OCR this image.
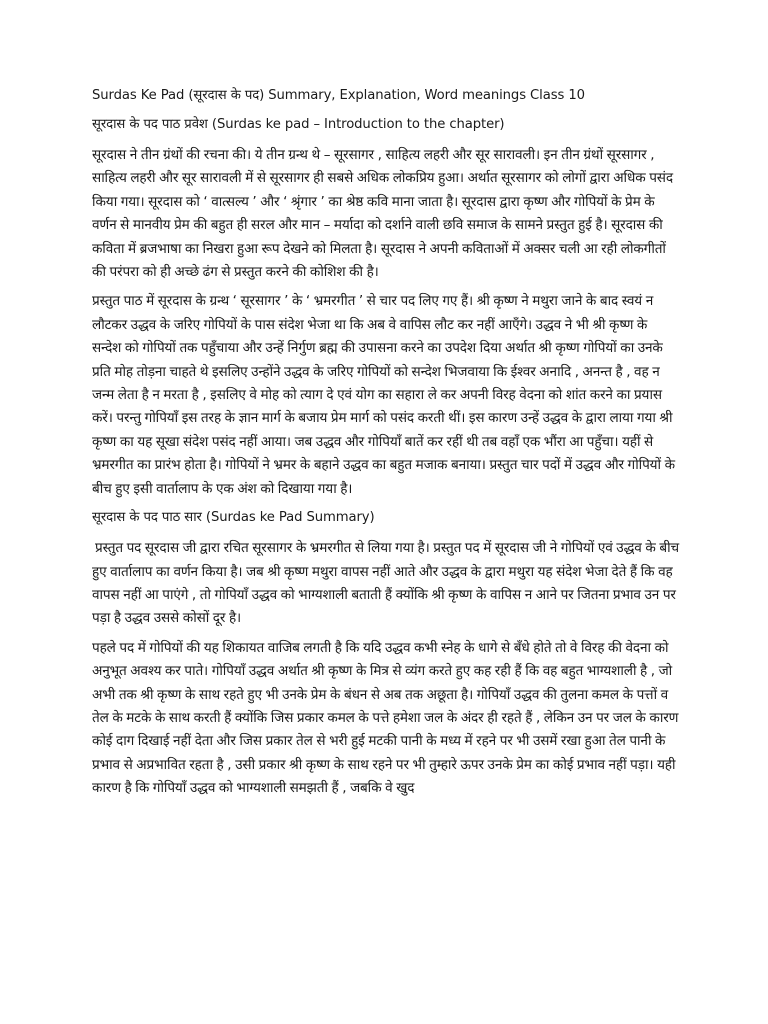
Surdas Ke Pad (सूरदास के पद) Summary, Explanation, Word meanings Class 10
सूरदास के पद पाठ प्रवेश (Surdas ke pad – Introduction to the chapter)

सूरदास ने तीन ग्रंथों की रचना की। ये तीन ग्रन्थ थे – सूरसागर , साहित्य लहरी और सूर सारावली। इन तीन ग्रंथों सूरसागर , साहित्य लहरी और सूर सारावली में से सूरसागर ही सबसे अधिक लोकप्रिय हुआ। अर्थात सूरसागर को लोगों द्वारा अधिक पसंद किया गया। सूरदास को ‘ वात्सल्य ’ और ‘ श्रृंगार ’ का श्रेष्ठ कवि माना जाता है। सूरदास द्वारा कृष्ण और गोपियों के प्रेम के वर्णन से मानवीय प्रेम की बहुत ही सरल और मान – मर्यादा को दर्शाने वाली छवि समाज के सामने प्रस्तुत हुई है। सूरदास की कविता में ब्रजभाषा का निखरा हुआ रूप देखने को मिलता है। सूरदास ने अपनी कविताओं में अक्सर चली आ रही लोकगीतों की परंपरा को ही अच्छे ढंग से प्रस्तुत करने की कोशिश की है।

प्रस्तुत पाठ में सूरदास के ग्रन्थ ‘ सूरसागर ’ के ‘ भ्रमरगीत ’ से चार पद लिए गए हैं। श्री कृष्ण ने मथुरा जाने के बाद स्वयं न लौटकर उद्धव के जरिए गोपियों के पास संदेश भेजा था कि अब वे वापिस लौट कर नहीं आएँगे। उद्धव ने भी श्री कृष्ण के सन्देश को गोपियों तक पहुँचाया और उन्हें निर्गुण ब्रह्म की उपासना करने का उपदेश दिया अर्थात श्री कृष्ण गोपियों का उनके प्रति मोह तोड़ना चाहते थे इसलिए उन्होंने उद्धव के जरिए गोपियों को सन्देश भिजवाया कि ईश्वर अनादि , अनन्त है , वह न जन्म लेता है न मरता है , इसलिए वे मोह को त्याग दे एवं योग का सहारा ले कर अपनी विरह वेदना को शांत करने का प्रयास करें। परन्तु गोपियाँ इस तरह के ज्ञान मार्ग के बजाय प्रेम मार्ग को पसंद करती थीं। इस कारण उन्हें उद्धव के द्वारा लाया गया श्री कृष्ण का यह सूखा संदेश पसंद नहीं आया। जब उद्धव और गोपियाँ बातें कर रहीं थी तब वहाँ एक भौंरा आ पहुँचा। यहीं से भ्रमरगीत का प्रारंभ होता है। गोपियों ने भ्रमर के बहाने उद्धव का बहुत मजाक बनाया। प्रस्तुत चार पदों में उद्धव और गोपियों के बीच हुए इसी वार्तालाप के एक अंश को दिखाया गया है।

सूरदास के पद पाठ सार (Surdas ke Pad Summary)

प्रस्तुत पद सूरदास जी द्वारा रचित सूरसागर के भ्रमरगीत से लिया गया है। प्रस्तुत पद में सूरदास जी ने गोपियों एवं उद्धव के बीच हुए वार्तालाप का वर्णन किया है। जब श्री कृष्ण मथुरा वापस नहीं आते और उद्धव के द्वारा मथुरा यह संदेश भेजा देते हैं कि वह वापस नहीं आ पाएंगे , तो गोपियाँ उद्धव को भाग्यशाली बताती हैं क्योंकि श्री कृष्ण के वापिस न आने पर जितना प्रभाव उन पर पड़ा है उद्धव उससे कोसों दूर है।

पहले पद में गोपियों की यह शिकायत वाजिब लगती है कि यदि उद्धव कभी स्नेह के धागे से बँधे होते तो वे विरह की वेदना को अनुभूत अवश्य कर पाते। गोपियाँ उद्धव अर्थात श्री कृष्ण के मित्र से व्यंग करते हुए कह रही हैं कि वह बहुत भाग्यशाली है , जो अभी तक श्री कृष्ण के साथ रहते हुए भी उनके प्रेम के बंधन से अब तक अछूता है। गोपियाँ उद्धव की तुलना कमल के पत्तों व तेल के मटके के साथ करती हैं क्योंकि जिस प्रकार कमल के पत्ते हमेशा जल के अंदर ही रहते हैं , लेकिन उन पर जल के कारण कोई दाग दिखाई नहीं देता और जिस प्रकार तेल से भरी हुई मटकी पानी के मध्य में रहने पर भी उसमें रखा हुआ तेल पानी के प्रभाव से अप्रभावित रहता है , उसी प्रकार श्री कृष्ण के साथ रहने पर भी तुम्हारे ऊपर उनके प्रेम का कोई प्रभाव नहीं पड़ा। यही कारण है कि गोपियाँ उद्धव को भाग्यशाली समझती हैं , जबकि वे खुद
